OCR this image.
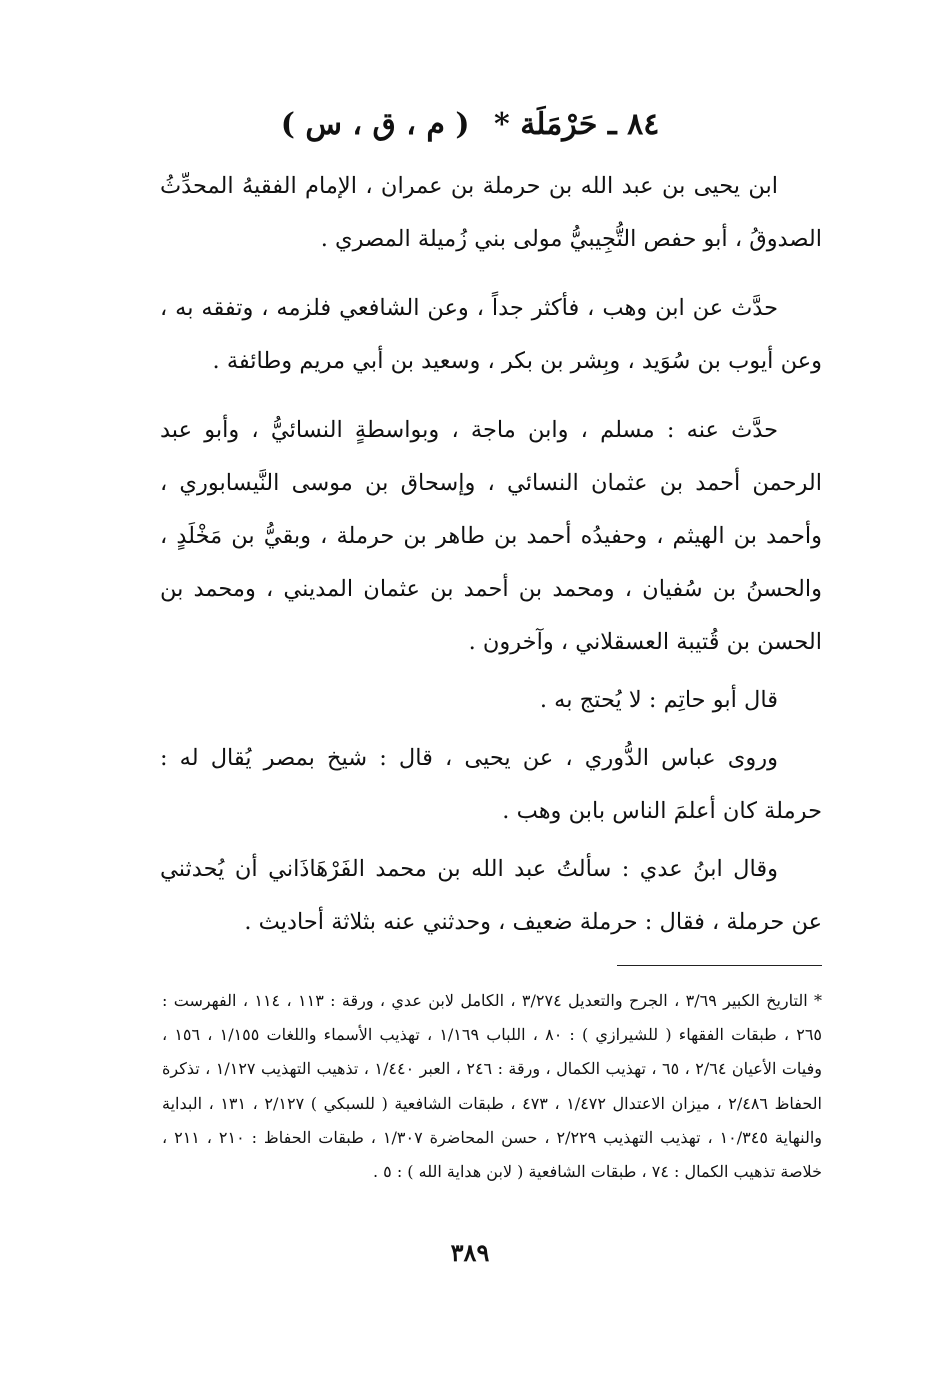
٨٤ ـ حَرْمَلَة * ( م ، ق ، س )

ابن يحيى بن عبد الله بن حرملة بن عمران ، الإمام الفقيهُ المحدِّثُ الصدوقُ ، أبو حفص التُّجِيبيُّ مولى بني زُميلة المصري .

حدَّث عن ابن وهب ، فأكثر جداً ، وعن الشافعي فلزمه ، وتفقه به ، وعن أيوب بن سُوَيد ، وبِشر بن بكر ، وسعيد بن أبي مريم وطائفة .

حدَّث عنه : مسلم ، وابن ماجة ، وبواسطةٍ النسائيُّ ، وأبو عبد الرحمن أحمد بن عثمان النسائي ، وإسحاق بن موسى النَّيسابوري ، وأحمد بن الهيثم ، وحفيدُه أحمد بن طاهر بن حرملة ، وبقيُّ بن مَخْلَدٍ ، والحسنُ بن سُفيان ، ومحمد بن أحمد بن عثمان المديني ، ومحمد بن الحسن بن قُتيبة العسقلاني ، وآخرون .

قال أبو حاتِم : لا يُحتج به .

وروى عباس الدُّوري ، عن يحيى ، قال : شيخ بمصر يُقال له : حرملة كان أعلمَ الناس بابن وهب .

وقال ابنُ عدي : سألتُ عبد الله بن محمد الفَرْهَاذَاني أن يُحدثني عن حرملة ، فقال : حرملة ضعيف ، وحدثني عنه بثلاثة أحاديث .

* التاريخ الكبير ٣/٦٩ ، الجرح والتعديل ٣/٢٧٤ ، الكامل لابن عدي ، ورقة : ١١٣ ، ١١٤ ، الفهرست : ٢٦٥ ، طبقات الفقهاء ( للشيرازي ) : ٨٠ ، اللباب ١/١٦٩ ، تهذيب الأسماء واللغات ١/١٥٥ ، ١٥٦ ، وفيات الأعيان ٢/٦٤ ، ٦٥ ، تهذيب الكمال ، ورقة : ٢٤٦ ، العبر ١/٤٤٠ ، تذهيب التهذيب ١/١٢٧ ، تذكرة الحفاظ ٢/٤٨٦ ، ميزان الاعتدال ١/٤٧٢ ، ٤٧٣ ، طبقات الشافعية ( للسبكي ) ٢/١٢٧ ، ١٣١ ، البداية والنهاية ١٠/٣٤٥ ، تهذيب التهذيب ٢/٢٢٩ ، حسن المحاضرة ١/٣٠٧ ، طبقات الحفاظ : ٢١٠ ، ٢١١ ، خلاصة تذهيب الكمال : ٧٤ ، طبقات الشافعية ( لابن هداية الله ) : ٥ .
٣٨٩
